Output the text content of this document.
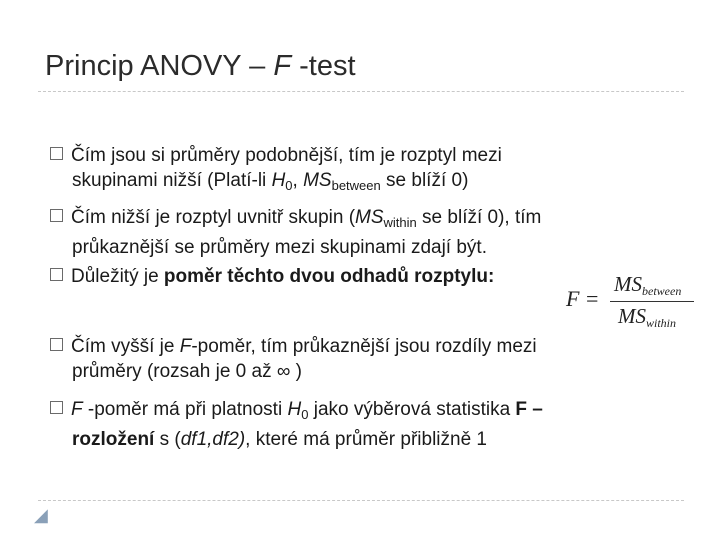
Princip ANOVY – F -test
Čím jsou si průměry podobnější, tím je rozptyl mezi
skupinami nižší (Platí-li $H_0$, $MS_{between}$ se blíží 0)
Čím nižší je rozptyl uvnitř skupin ($MS_{within}$ se blíží 0), tím
průkaznější se průměry mezi skupinami zdají být.
Důležitý je poměr těchto dvou odhadů rozptylu:
F =
MSbetween
MSwithin
Čím vyšší je F-poměr, tím průkaznější jsou rozdíly mezi
průměry (rozsah je 0 až ∞ )
F -poměr má při platnosti $H_0$ jako výběrová statistika F –
rozložení s (df1,df2), které má průměr přibližně 1
◢
